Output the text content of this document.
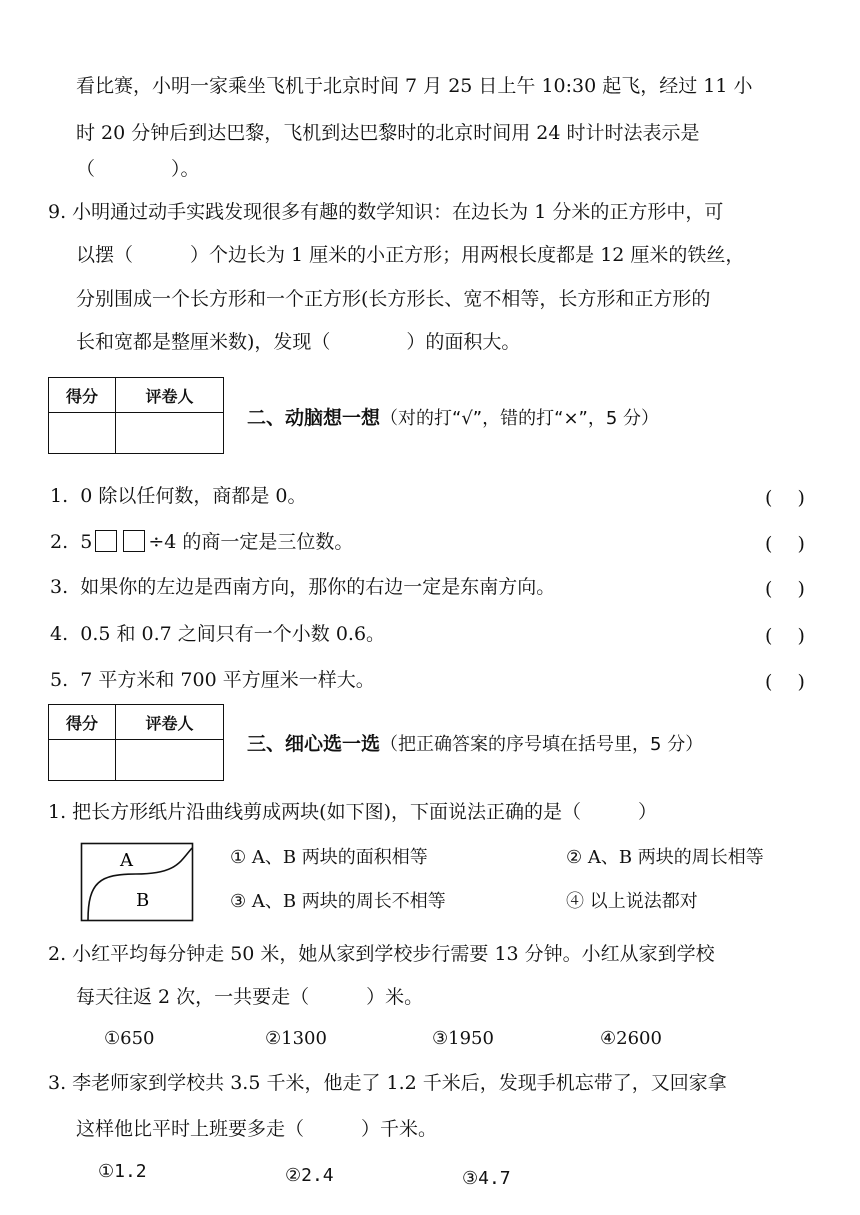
看比赛，小明一家乘坐飞机于北京时间 7 月 25 日上午 10:30 起飞，经过 11 小
时 20 分钟后到达巴黎，飞机到达巴黎时的北京时间用 24 时计时法表示是
（　　　　）。
9. 小明通过动手实践发现很多有趣的数学知识：在边长为 1 分米的正方形中，可
以摆（　　　）个边长为 1 厘米的小正方形；用两根长度都是 12 厘米的铁丝，
分别围成一个长方形和一个正方形(长方形长、宽不相等，长方形和正方形的
长和宽都是整厘米数)，发现（　　　　）的面积大。
得分	评卷人

二、动脑想一想（对的打“√”，错的打“×”，5 分）
1. 0 除以任何数，商都是 0。	(　 )
2. 5	÷4 的商一定是三位数。	(　 )
3. 如果你的左边是西南方向，那你的右边一定是东南方向。	(　 )
4. 0.5 和 0.7 之间只有一个小数 0.6。	(　 )
5. 7 平方米和 700 平方厘米一样大。	(　 )
得分	评卷人

三、细心选一选（把正确答案的序号填在括号里，5 分）
1. 把长方形纸片沿曲线剪成两块(如下图)，下面说法正确的是（　　　）
A
B
① A、B 两块的面积相等	② A、B 两块的周长相等
③ A、B 两块的周长不相等	④ 以上说法都对
2. 小红平均每分钟走 50 米，她从家到学校步行需要 13 分钟。小红从家到学校
每天往返 2 次，一共要走（　　　）米。
①650	②1300	③1950	④2600
3. 李老师家到学校共 3.5 千米，他走了 1.2 千米后，发现手机忘带了，又回家拿
这样他比平时上班要多走（　　　）千米。
①1.2	②2.4	③4.7
